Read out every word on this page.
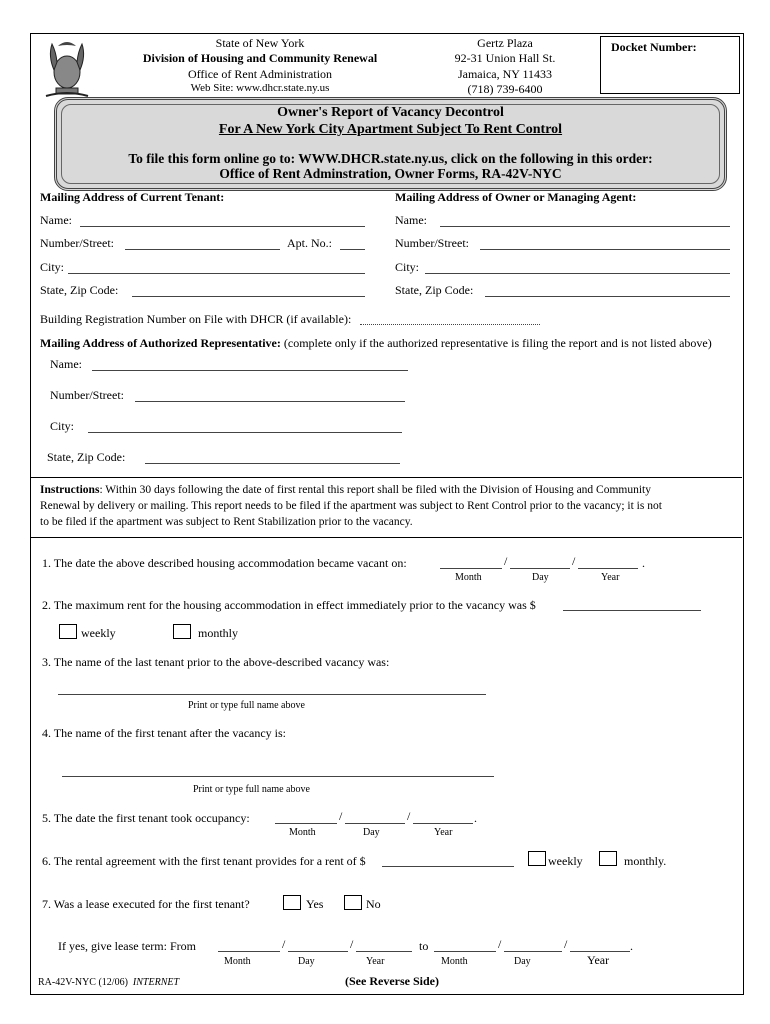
State of New York
Division of Housing and Community Renewal
Office of Rent Administration
Web Site: www.dhcr.state.ny.us
Gertz Plaza
92-31 Union Hall St.
Jamaica, NY 11433
(718) 739-6400
Docket Number:
Owner's Report of Vacancy Decontrol
For A New York City Apartment Subject To Rent Control
To file this form online go to: WWW.DHCR.state.ny.us, click on the following in this order:
Office of Rent Adminstration, Owner Forms, RA-42V-NYC
Mailing Address of Current Tenant:	Mailing Address of Owner or Managing Agent:
Name:	Name:
Number/Street:	Apt. No.:	Number/Street:
City:	City:
State, Zip Code:	State, Zip Code:
Building Registration Number on File with DHCR (if available):
Mailing Address of Authorized Representative: (complete only if the authorized representative is filing the report and is not listed above)
Name:
Number/Street:
City:
State, Zip Code:
Instructions: Within 30 days following the date of first rental this report shall be filed with the Division of Housing and Community
Renewal by delivery or mailing. This report needs to be filed if the apartment was subject to Rent Control prior to the vacancy; it is not
to be filed if the apartment was subject to Rent Stabilization prior to the vacancy.
1. The date the above described housing accommodation became vacant on:	/	/	.
Month	Day	Year
2. The maximum rent for the housing accommodation in effect immediately prior to the vacancy was $
weekly	monthly
3. The name of the last tenant prior to the above-described vacancy was:
Print or type full name above
4. The name of the first tenant after the vacancy is:
Print or type full name above
5. The date the first tenant took occupancy:	/	/	.
Month	Day	Year
6. The rental agreement with the first tenant provides for a rent of $	weekly	monthly.
7. Was a lease executed for the first tenant?	Yes	No
If yes, give lease term: From	/	/	to	/	/	.
Month	Day	Year	Month	Day	Year
RA-42V-NYC (12/06) INTERNET	(See Reverse Side)
